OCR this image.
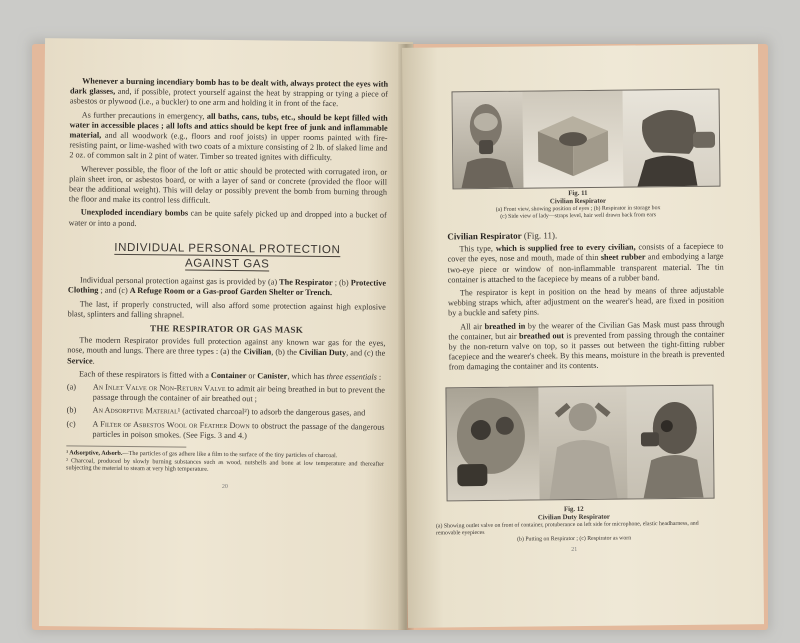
Whenever a burning incendiary bomb has to be dealt with, always protect the eyes with dark glasses, and, if possible, protect yourself against the heat by strapping or tying a piece of asbestos or plywood (i.e., a buckler) to one arm and holding it in front of the face.

As further precautions in emergency, all baths, cans, tubs, etc., should be kept filled with water in accessible places ; all lofts and attics should be kept free of junk and inflammable material, and all woodwork (e.g., floors and roof joists) in upper rooms painted with fire-resisting paint, or lime-washed with two coats of a mixture consisting of 2 lb. of slaked lime and 2 oz. of common salt in 2 pint of water. Timber so treated ignites with difficulty.

Wherever possible, the floor of the loft or attic should be protected with corrugated iron, or plain sheet iron, or asbestos board, or with a layer of sand or concrete (provided the floor will bear the additional weight). This will delay or possibly prevent the bomb from burning through the floor and make its control less difficult.

Unexploded incendiary bombs can be quite safely picked up and dropped into a bucket of water or into a pond.

INDIVIDUAL PERSONAL PROTECTION
AGAINST GAS

Individual personal protection against gas is provided by (a) The Respirator ; (b) Protective Clothing ; and (c) A Refuge Room or a Gas-proof Garden Shelter or Trench.

The last, if properly constructed, will also afford some protection against high explosive blast, splinters and falling shrapnel.

THE RESPIRATOR OR GAS MASK

The modern Respirator provides full protection against any known war gas for the eyes, nose, mouth and lungs. There are three types : (a) the Civilian, (b) the Civilian Duty, and (c) the Service.

Each of these respirators is fitted with a Container or Canister, which has three essentials :

(a)	An Inlet Valve or Non-Return Valve to admit air being breathed in but to prevent the passage through the container of air breathed out ;
(b)	An Adsorptive Material¹ (activated charcoal²) to adsorb the dangerous gases, and
(c)	A Filter of Asbestos Wool or Feather Down to obstruct the passage of the dangerous particles in poison smokes. (See Figs. 3 and 4.)
¹ Adsorptive, Adsorb.—The particles of gas adhere like a film to the surface of the tiny particles of charcoal.
² Charcoal, produced by slowly burning substances such as wood, nutshells and bone at low temperature and thereafter subjecting the material to steam at very high temperature.
20
Fig. 11
Civilian Respirator
(a) Front view, showing position of eyes ; (b) Respirator in storage box
(c) Side view of lady—straps level, hair well drawn back from ears
Civilian Respirator (Fig. 11).

This type, which is supplied free to every civilian, consists of a facepiece to cover the eyes, nose and mouth, made of thin sheet rubber and embodying a large two-eye piece or window of non-inflammable transparent material. The tin container is attached to the facepiece by means of a rubber band.

The respirator is kept in position on the head by means of three adjustable webbing straps which, after adjustment on the wearer's head, are fixed in position by a buckle and safety pins.

All air breathed in by the wearer of the Civilian Gas Mask must pass through the container, but air breathed out is prevented from passing through the container by the non-return valve on top, so it passes out between the tight-fitting rubber facepiece and the wearer's cheek. By this means, moisture in the breath is prevented from damaging the container and its contents.

Fig. 12
Civilian Duty Respirator
(a) Showing outlet valve on front of container, protuberance on left side for microphone, elastic headharness, and removable eyepieces
(b) Putting on Respirator ; (c) Respirator as worn
21
